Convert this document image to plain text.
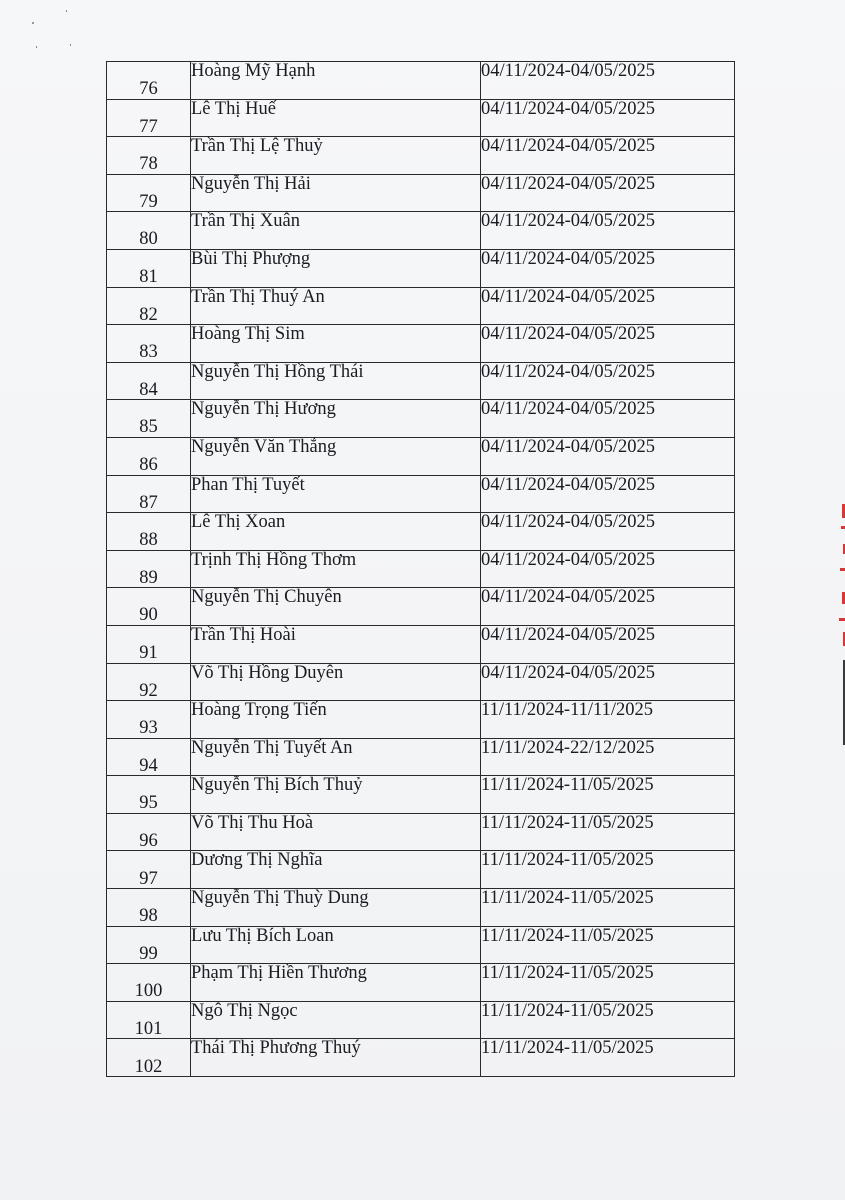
76	Hoàng Mỹ Hạnh	04/11/2024-04/05/2025
77	Lê Thị Huế	04/11/2024-04/05/2025
78	Trần Thị Lệ Thuỷ	04/11/2024-04/05/2025
79	Nguyễn Thị Hải	04/11/2024-04/05/2025
80	Trần Thị Xuân	04/11/2024-04/05/2025
81	Bùi Thị Phượng	04/11/2024-04/05/2025
82	Trần Thị Thuý An	04/11/2024-04/05/2025
83	Hoàng Thị Sim	04/11/2024-04/05/2025
84	Nguyễn Thị Hồng Thái	04/11/2024-04/05/2025
85	Nguyễn Thị Hương	04/11/2024-04/05/2025
86	Nguyễn Văn Thắng	04/11/2024-04/05/2025
87	Phan Thị Tuyết	04/11/2024-04/05/2025
88	Lê Thị Xoan	04/11/2024-04/05/2025
89	Trịnh Thị Hồng Thơm	04/11/2024-04/05/2025
90	Nguyễn Thị Chuyên	04/11/2024-04/05/2025
91	Trần Thị Hoài	04/11/2024-04/05/2025
92	Võ Thị Hồng Duyên	04/11/2024-04/05/2025
93	Hoàng Trọng Tiến	11/11/2024-11/11/2025
94	Nguyễn Thị Tuyết An	11/11/2024-22/12/2025
95	Nguyễn Thị Bích Thuỷ	11/11/2024-11/05/2025
96	Võ Thị Thu Hoà	11/11/2024-11/05/2025
97	Dương Thị Nghĩa	11/11/2024-11/05/2025
98	Nguyễn Thị Thuỳ Dung	11/11/2024-11/05/2025
99	Lưu Thị Bích Loan	11/11/2024-11/05/2025
100	Phạm Thị Hiền Thương	11/11/2024-11/05/2025
101	Ngô Thị Ngọc	11/11/2024-11/05/2025
102	Thái Thị Phương Thuý	11/11/2024-11/05/2025
